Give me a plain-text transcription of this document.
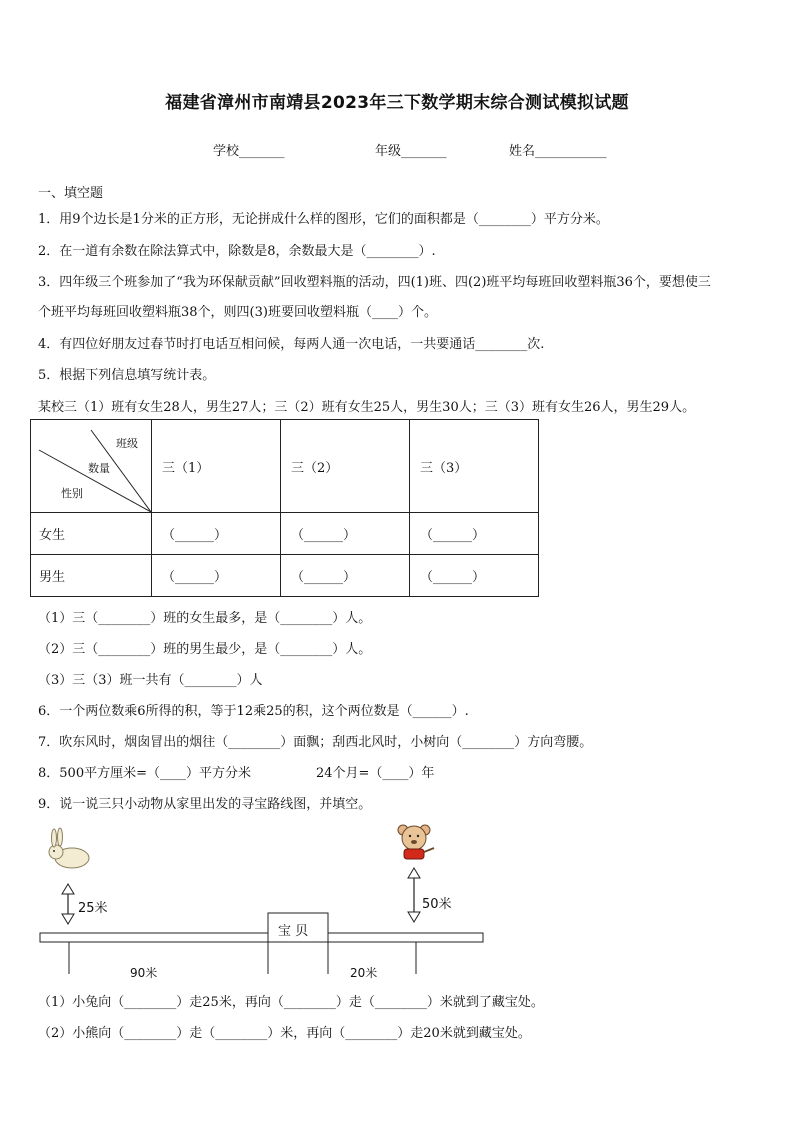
福建省漳州市南靖县2023年三下数学期末综合测试模拟试题
学校_______	年级_______	姓名___________
一、填空题
1．用9个边长是1分米的正方形，无论拼成什么样的图形，它们的面积都是（________）平方分米。
2．在一道有余数在除法算式中，除数是8，余数最大是（________）.
3．四年级三个班参加了“我为环保献贡献”回收塑料瓶的活动，四(1)班、四(2)班平均每班回收塑料瓶36个，要想使三
个班平均每班回收塑料瓶38个，则四(3)班要回收塑料瓶（____）个。
4．有四位好朋友过春节时打电话互相问候，每两人通一次电话，一共要通话________次.
5．根据下列信息填写统计表。
某校三（1）班有女生28人，男生27人；三（2）班有女生25人，男生30人；三（3）班有女生26人，男生29人。
班级
数量
性别	三（1）	三（2）	三（3）
女生	（______）	（______）	（______）
男生	（______）	（______）	（______）
（1）三（________）班的女生最多，是（________）人。
（2）三（________）班的男生最少，是（________）人。
（3）三（3）班一共有（________）人
6．一个两位数乘6所得的积，等于12乘25的积，这个两位数是（______）.
7．吹东风时，烟囱冒出的烟往（________）面飘；刮西北风时，小树向（________）方向弯腰。
8．500平方厘米=（____）平方分米	24个月=（____）年
9．说一说三只小动物从家里出发的寻宝路线图，并填空。
25米	50米
90米	20米
宝 贝
（1）小兔向（________）走25米，再向（________）走（________）米就到了藏宝处。
（2）小熊向（________）走（________）米，再向（________）走20米就到藏宝处。
